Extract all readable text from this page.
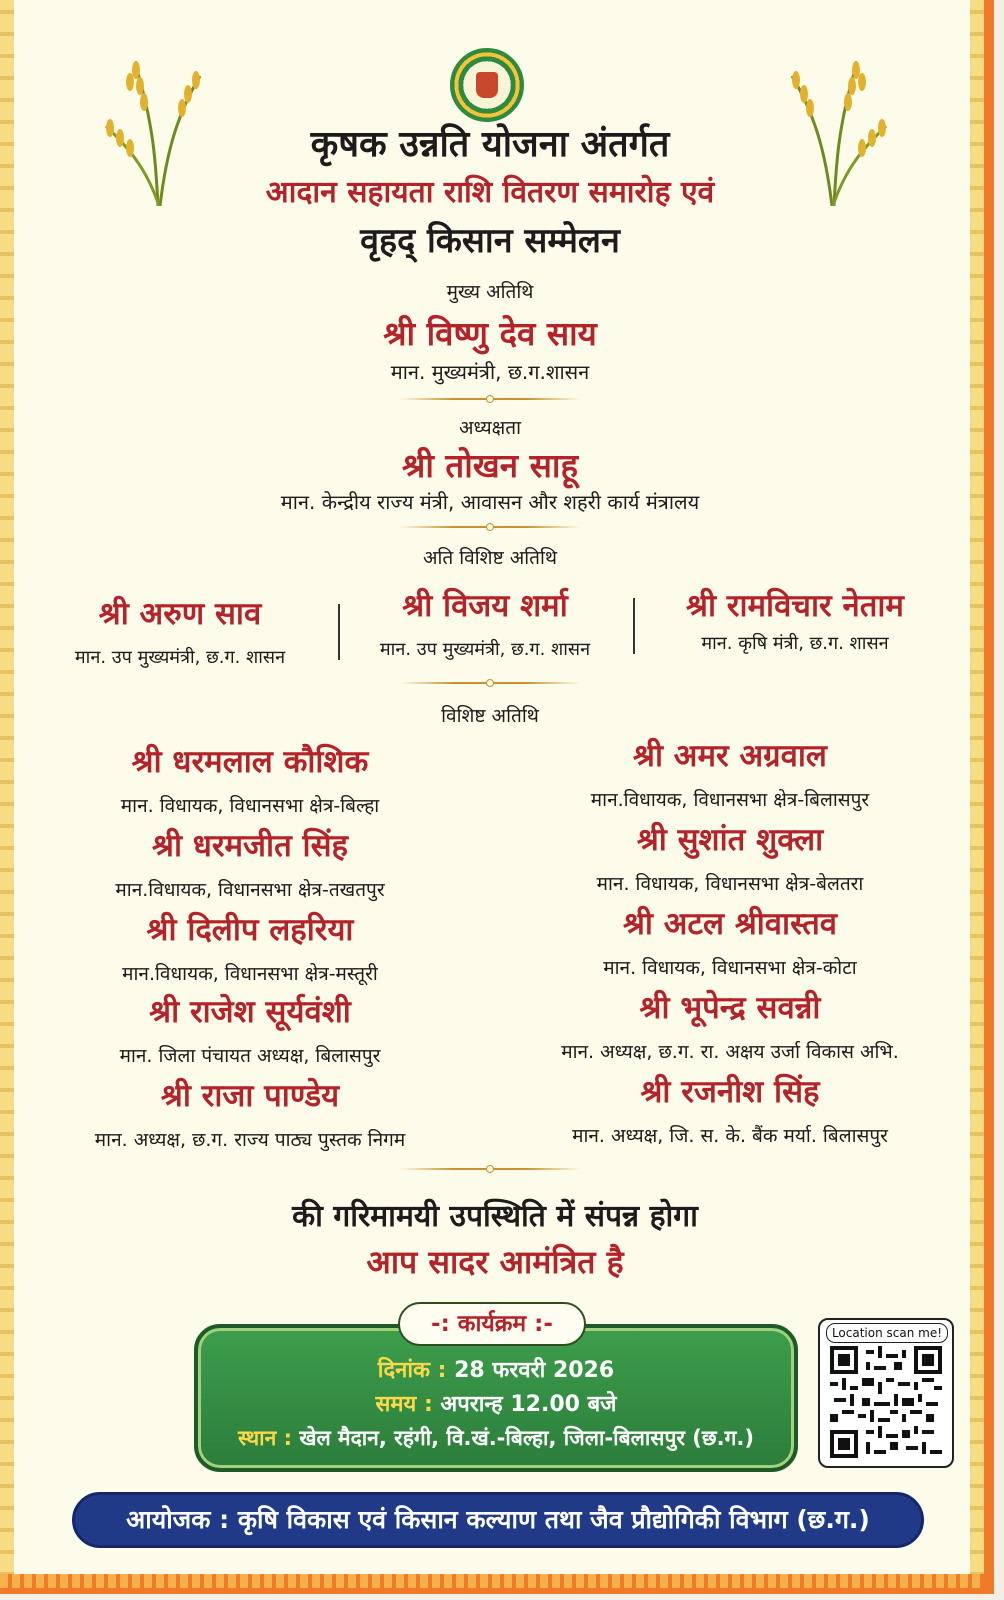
कृषक उन्नति योजना अंतर्गत
आदान सहायता राशि वितरण समारोह एवं
वृहद् किसान सम्मेलन
मुख्य अतिथि
श्री विष्णु देव साय
मान. मुख्यमंत्री, छ.ग.शासन
अध्यक्षता
श्री तोखन साहू
मान. केन्द्रीय राज्य मंत्री, आवासन और शहरी कार्य मंत्रालय
अति विशिष्ट अतिथि
श्री अरुण साव
मान. उप मुख्यमंत्री, छ.ग. शासन
श्री विजय शर्मा
मान. उप मुख्यमंत्री, छ.ग. शासन
श्री रामविचार नेताम
मान. कृषि मंत्री, छ.ग. शासन
विशिष्ट अतिथि
श्री धरमलाल कौशिक
मान. विधायक, विधानसभा क्षेत्र-बिल्हा
श्री धरमजीत सिंह
मान.विधायक, विधानसभा क्षेत्र-तखतपुर
श्री दिलीप लहरिया
मान.विधायक, विधानसभा क्षेत्र-मस्तूरी
श्री राजेश सूर्यवंशी
मान. जिला पंचायत अध्यक्ष, बिलासपुर
श्री राजा पाण्डेय
मान. अध्यक्ष, छ.ग. राज्य पाठ्य पुस्तक निगम
श्री अमर अग्रवाल
मान.विधायक, विधानसभा क्षेत्र-बिलासपुर
श्री सुशांत शुक्ला
मान. विधायक, विधानसभा क्षेत्र-बेलतरा
श्री अटल श्रीवास्तव
मान. विधायक, विधानसभा क्षेत्र-कोटा
श्री भूपेन्द्र सवन्नी
मान. अध्यक्ष, छ.ग. रा. अक्षय उर्जा विकास अभि.
श्री रजनीश सिंह
मान. अध्यक्ष, जि. स. के. बैंक मर्या. बिलासपुर
की गरिमामयी उपस्थिति में संपन्न होगा
आप सादर आमंत्रित है
-: कार्यक्रम :-
दिनांक : 28 फरवरी 2026
समय : अपरान्ह 12.00 बजे
स्थान : खेल मैदान, रहंगी, वि.खं.-बिल्हा, जिला-बिलासपुर (छ.ग.)
Location scan me!
आयोजक : कृषि विकास एवं किसान कल्याण तथा जैव प्रौद्योगिकी विभाग (छ.ग.)
